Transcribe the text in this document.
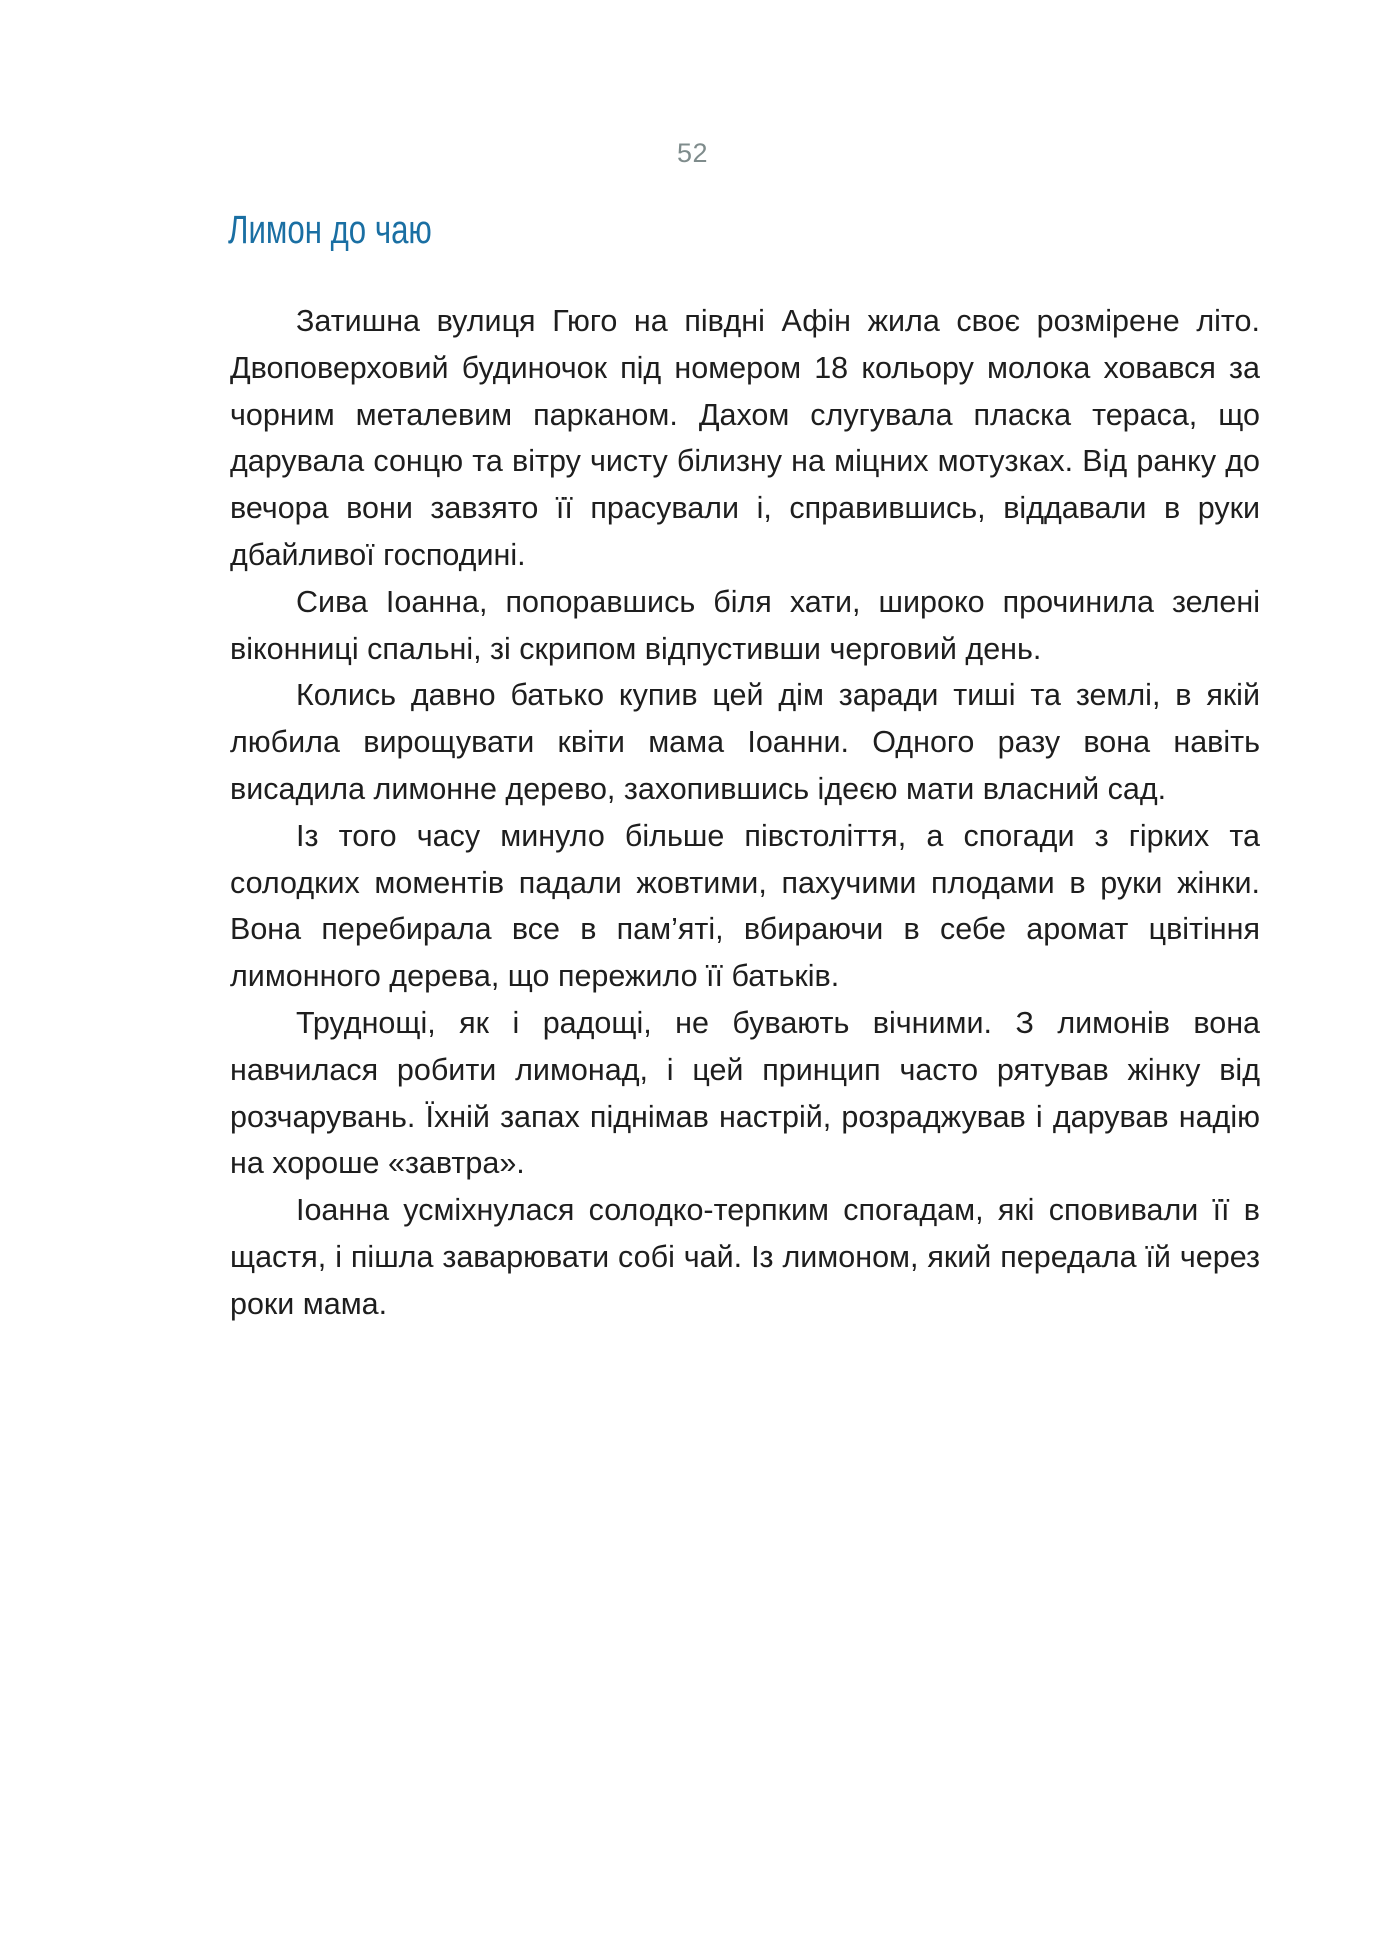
52
Лимон до чаю

Затишна вулиця Гюго на півдні Афін жила своє розмірене літо. Двоповерховий будиночок під номером 18 кольору молока ховався за чорним металевим парканом. Дахом слугувала пласка тераса, що дарувала сонцю та вітру чисту білизну на міцних мотузках. Від ранку до вечора вони завзято її прасували і, справившись, віддавали в руки дбайливої господині.

Сива Іоанна, попоравшись біля хати, широко прочинила зелені віконниці спальні, зі скрипом відпустивши черговий день.

Колись давно батько купив цей дім заради тиші та землі, в якій любила вирощувати квіти мама Іоанни. Одного разу вона навіть висадила лимонне дерево, захопившись ідеєю мати власний сад.

Із того часу минуло більше півстоліття, а спогади з гірких та солодких моментів падали жовтими, пахучими плодами в руки жінки. Вона перебирала все в пам’яті, вбираючи в себе аромат цвітіння лимонного дерева, що пережило її батьків.

Труднощі, як і радощі, не бувають вічними. З лимонів вона навчилася робити лимонад, і цей принцип часто рятував жінку від розчарувань. Їхній запах піднімав настрій, розраджував і дарував надію на хороше «завтра».

Іоанна усміхнулася солодко-терпким спогадам, які сповивали її в щастя, і пішла заварювати собі чай. Із лимоном, який передала їй через роки мама.
